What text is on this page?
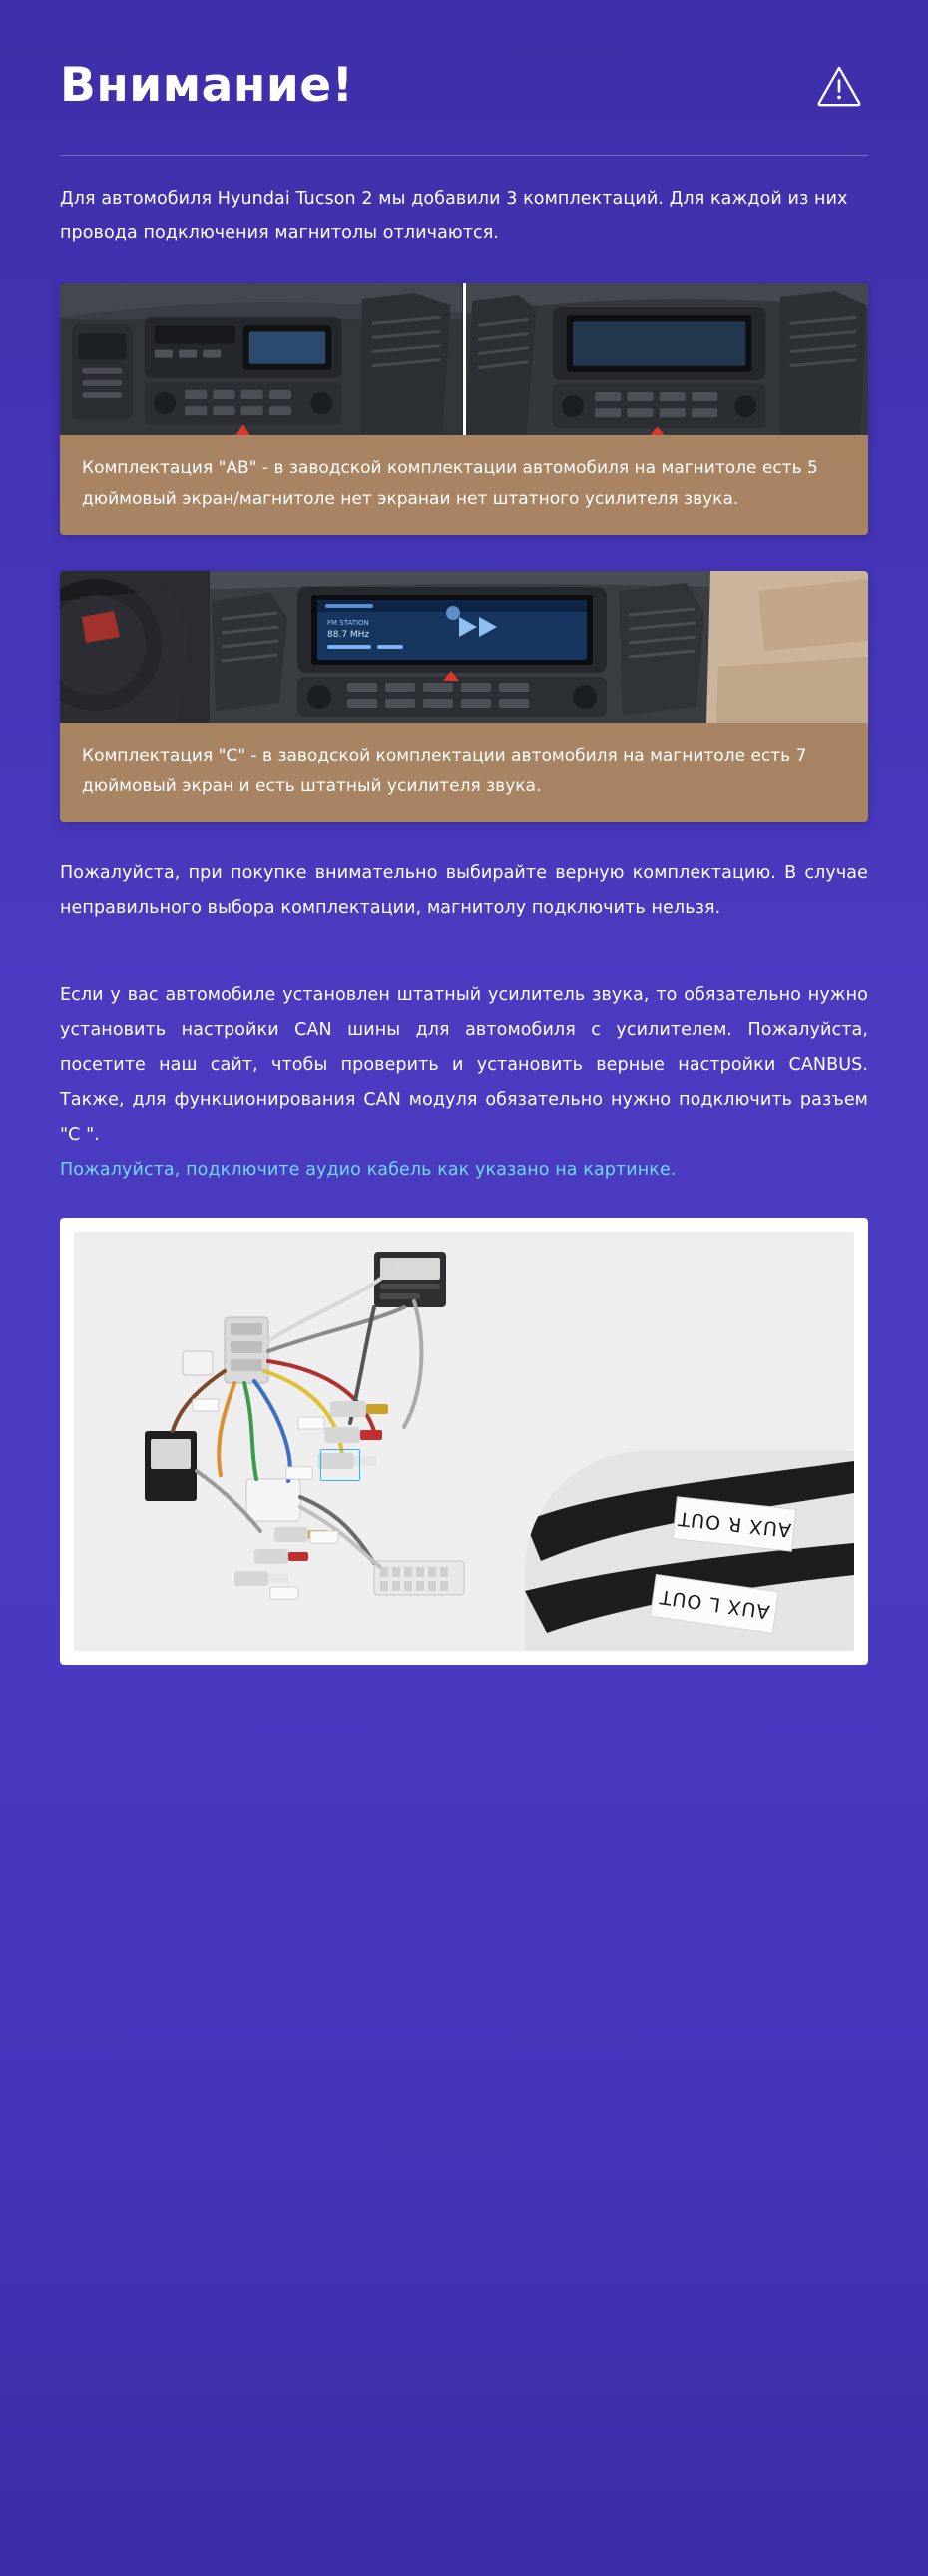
Внимание!
Для автомобиля Hyundai Tucson 2 мы добавили 3 комплектаций. Для каждой из них провода подключения магнитолы отличаются.
Комплектация "AB" - в заводской комплектации автомобиля на магнитоле есть 5 дюймовый экран/магнитоле нет экранаи нет штатного усилителя звука.
FM STATION
88.7 MHz
Комплектация "C" - в заводской комплектации автомобиля на магнитоле есть 7 дюймовый экран и есть штатный усилителя звука.
Пожалуйста, при покупке внимательно выбирайте верную комплектацию. В случае неправильного выбора комплектации, магнитолу подключить нельзя.
Если у вас автомобиле установлен штатный усилитель звука, то обязательно нужно установить настройки CAN шины для автомобиля с усилителем. Пожалуйста, посетите наш сайт, чтобы проверить и установить верные настройки CANBUS. Также, для функционирования CAN модуля обязательно нужно подключить разъем "C ".
Пожалуйста, подключите аудио кабель как указано на картинке.
AUX R OUT
AUX L OUT
